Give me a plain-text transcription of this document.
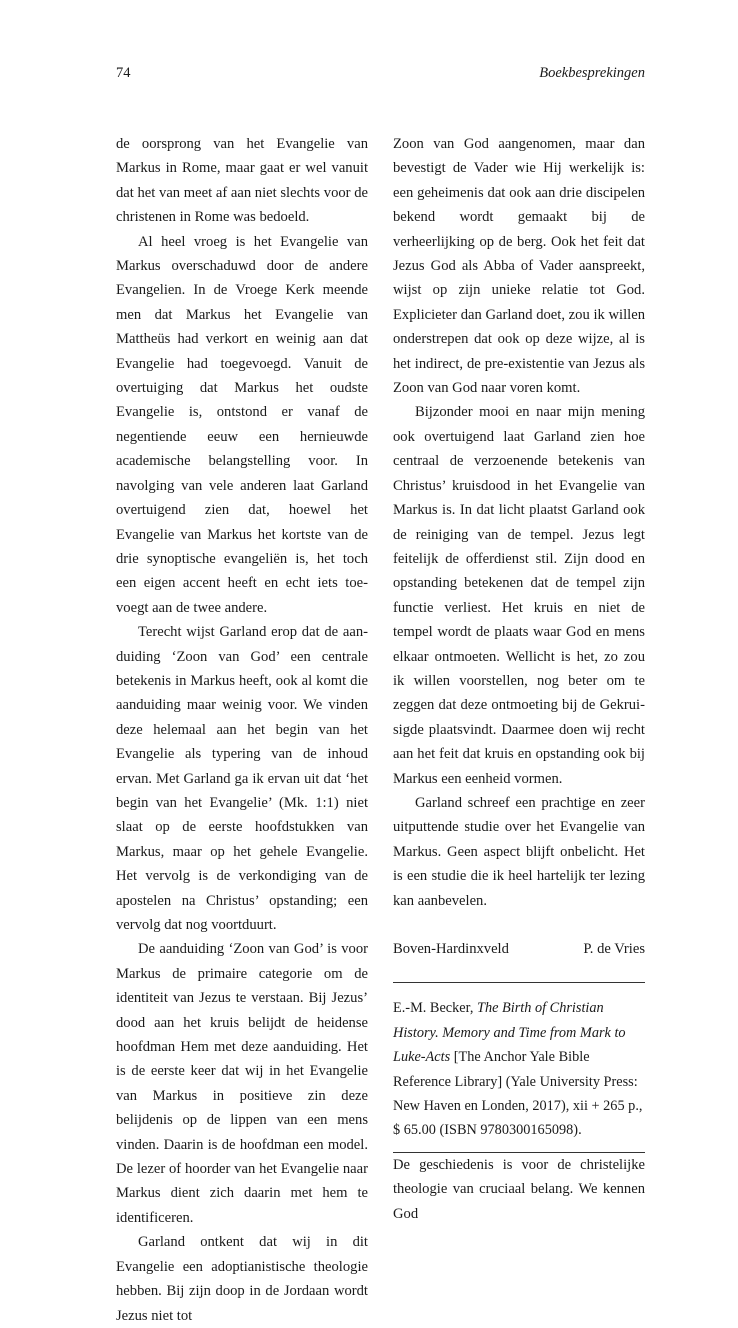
74	Boekbesprekingen

de oorsprong van het Evangelie van Markus in Rome, maar gaat er wel vanuit dat het van meet af aan niet slechts voor de christenen in Rome was bedoeld.

Al heel vroeg is het Evangelie van Markus overschaduwd door de andere Evangelien. In de Vroege Kerk meende men dat Markus het Evangelie van Mattheüs had verkort en weinig aan dat Evangelie had toegevoegd. Vanuit de overtuiging dat Markus het oudste Evangelie is, ontstond er vanaf de negentiende eeuw een hernieuwde academische belangstelling voor. In navolging van vele anderen laat Garland overtuigend zien dat, hoewel het Evangelie van Markus het kortste van de drie synoptische evangeliën is, het toch een eigen accent heeft en echt iets toevoegt aan de twee andere.

Terecht wijst Garland erop dat de aanduiding ‘Zoon van God’ een centrale betekenis in Markus heeft, ook al komt die aanduiding maar weinig voor. We vinden deze helemaal aan het begin van het Evangelie als typering van de inhoud ervan. Met Garland ga ik ervan uit dat ‘het begin van het Evangelie’ (Mk. 1:1) niet slaat op de eerste hoofdstukken van Markus, maar op het gehele Evangelie. Het vervolg is de verkondiging van de apostelen na Christus’ opstanding; een vervolg dat nog voortduurt.

De aanduiding ‘Zoon van God’ is voor Markus de primaire categorie om de identiteit van Jezus te verstaan. Bij Jezus’ dood aan het kruis belijdt de heidense hoofdman Hem met deze aanduiding. Het is de eerste keer dat wij in het Evangelie van Markus in positieve zin deze belijdenis op de lippen van een mens vinden. Daarin is de hoofdman een model. De lezer of hoorder van het Evangelie naar Markus dient zich daarin met hem te identificeren.

Garland ontkent dat wij in dit Evangelie een adoptianistische theologie hebben. Bij zijn doop in de Jordaan wordt Jezus niet tot

Zoon van God aangenomen, maar dan bevestigt de Vader wie Hij werkelijk is: een geheimenis dat ook aan drie discipelen bekend wordt gemaakt bij de verheerlijking op de berg. Ook het feit dat Jezus God als Abba of Vader aanspreekt, wijst op zijn unieke relatie tot God. Explicieter dan Garland doet, zou ik willen onderstrepen dat ook op deze wijze, al is het indirect, de pre-existentie van Jezus als Zoon van God naar voren komt.

Bijzonder mooi en naar mijn mening ook overtuigend laat Garland zien hoe centraal de verzoenende betekenis van Christus’ kruisdood in het Evangelie van Markus is. In dat licht plaatst Garland ook de reiniging van de tempel. Jezus legt feitelijk de offerdienst stil. Zijn dood en opstanding betekenen dat de tempel zijn functie verliest. Het kruis en niet de tempel wordt de plaats waar God en mens elkaar ontmoeten. Wellicht is het, zo zou ik willen voorstellen, nog beter om te zeggen dat deze ontmoeting bij de Gekruisigde plaatsvindt. Daarmee doen wij recht aan het feit dat kruis en opstanding ook bij Markus een eenheid vormen.

Garland schreef een prachtige en zeer uitputtende studie over het Evangelie van Markus. Geen aspect blijft onbelicht. Het is een studie die ik heel hartelijk ter lezing kan aanbevelen.

Boven-Hardinxveld	P. de Vries
E.-M. Becker, The Birth of Christian History. Memory and Time from Mark to Luke-Acts [The Anchor Yale Bible Reference Library] (Yale University Press: New Haven en Londen, 2017), xii + 265 p., $ 65.00 (ISBN 9780300165098).

De geschiedenis is voor de christelijke theologie van cruciaal belang. We kennen God
